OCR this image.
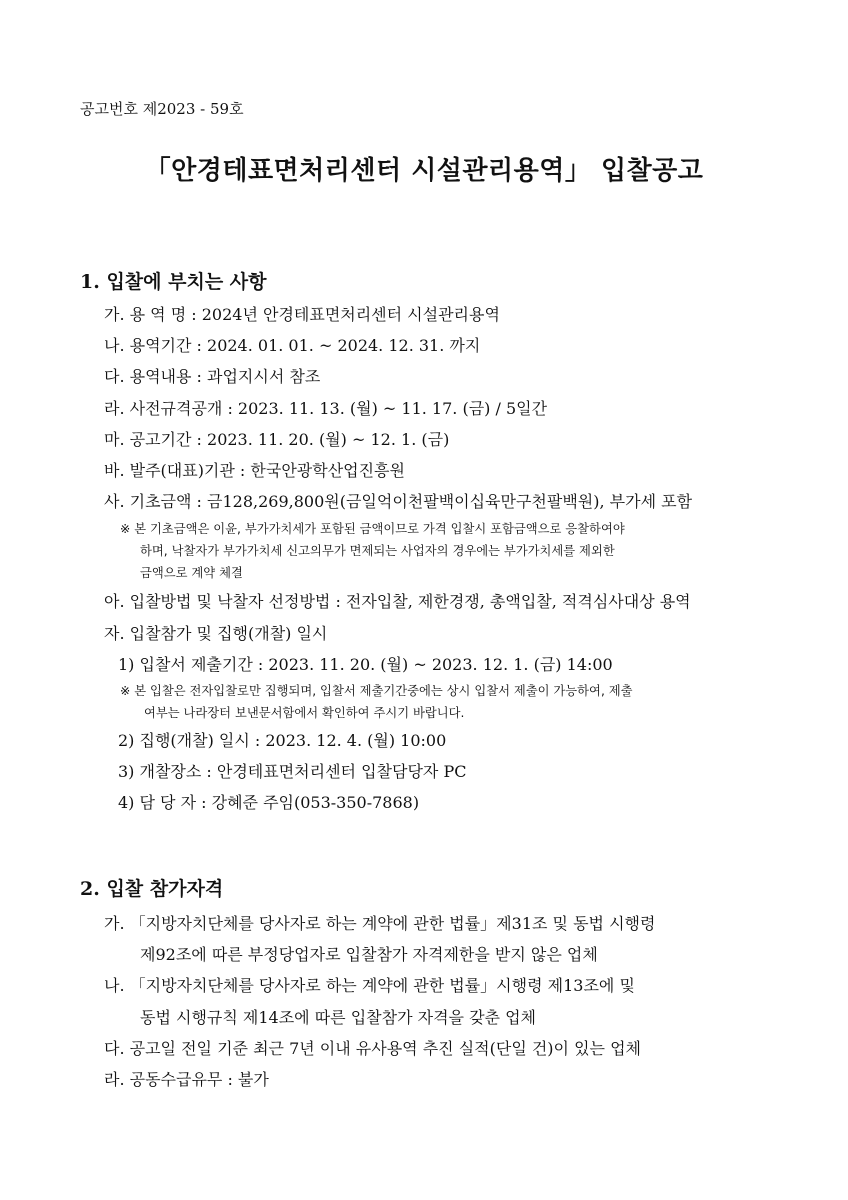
공고번호 제2023 - 59호
「안경테표면처리센터 시설관리용역」 입찰공고
1. 입찰에 부치는 사항
가. 용 역 명 : 2024년 안경테표면처리센터 시설관리용역
나. 용역기간 : 2024. 01. 01. ~ 2024. 12. 31. 까지
다. 용역내용 : 과업지시서 참조
라. 사전규격공개 : 2023. 11. 13. (월) ~ 11. 17. (금) / 5일간
마. 공고기간 : 2023. 11. 20. (월) ~ 12. 1. (금)
바. 발주(대표)기관 : 한국안광학산업진흥원
사. 기초금액 : 금128,269,800원(금일억이천팔백이십육만구천팔백원), 부가세 포함
※ 본 기초금액은 이윤, 부가가치세가 포함된 금액이므로 가격 입찰시 포함금액으로 응찰하여야
하며, 낙찰자가 부가가치세 신고의무가 면제되는 사업자의 경우에는 부가가치세를 제외한
금액으로 계약 체결
아. 입찰방법 및 낙찰자 선정방법 : 전자입찰, 제한경쟁, 총액입찰, 적격심사대상 용역
자. 입찰참가 및 집행(개찰) 일시
1) 입찰서 제출기간 : 2023. 11. 20. (월) ~ 2023. 12. 1. (금) 14:00
※ 본 입찰은 전자입찰로만 집행되며, 입찰서 제출기간중에는 상시 입찰서 제출이 가능하여, 제출
여부는 나라장터 보낸문서함에서 확인하여 주시기 바랍니다.
2) 집행(개찰) 일시 : 2023. 12. 4. (월) 10:00
3) 개찰장소 : 안경테표면처리센터 입찰담당자 PC
4) 담 당 자 : 강혜준 주임(053-350-7868)
2. 입찰 참가자격
가. 「지방자치단체를 당사자로 하는 계약에 관한 법률」제31조 및 동법 시행령
제92조에 따른 부정당업자로 입찰참가 자격제한을 받지 않은 업체
나. 「지방자치단체를 당사자로 하는 계약에 관한 법률」시행령 제13조에 및
동법 시행규칙 제14조에 따른 입찰참가 자격을 갖춘 업체
다. 공고일 전일 기준 최근 7년 이내 유사용역 추진 실적(단일 건)이 있는 업체
라. 공동수급유무 : 불가
